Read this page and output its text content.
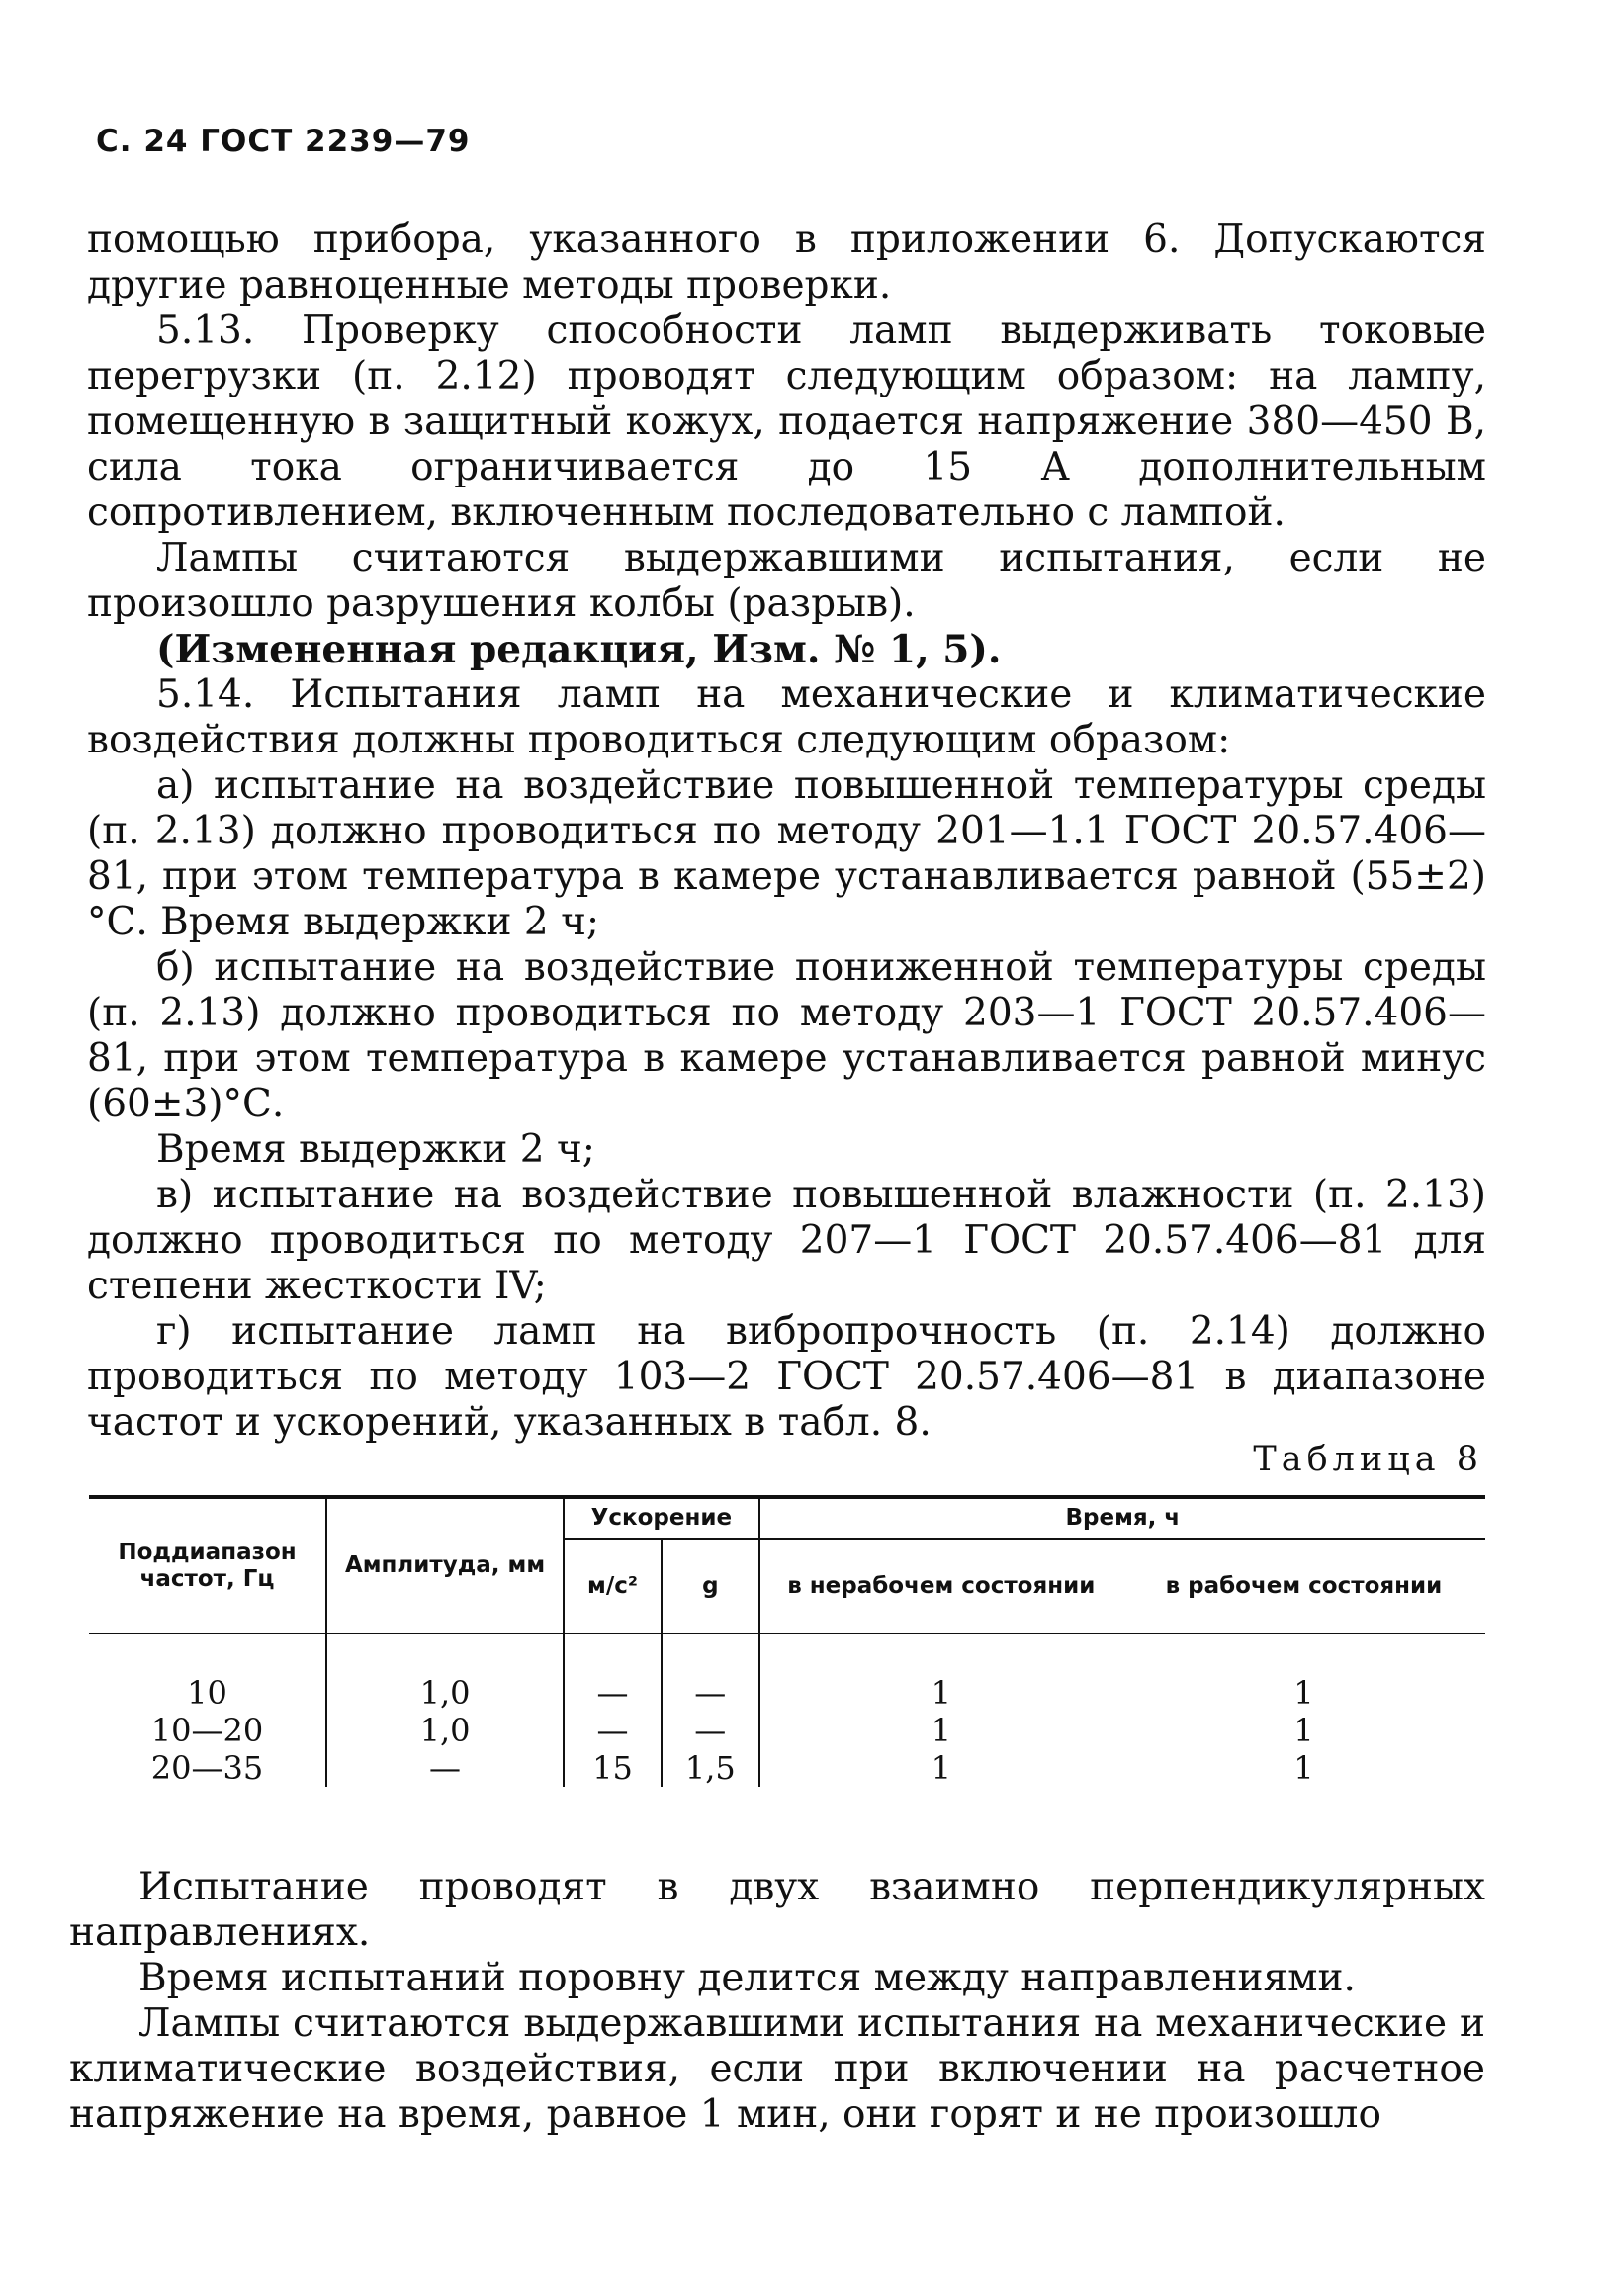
С. 24 ГОСТ 2239—79

помощью прибора, указанного в приложении 6. Допускаются другие равноценные методы проверки.

5.13. Проверку способности ламп выдерживать токовые перегрузки (п. 2.12) проводят следующим образом: на лампу, помещенную в защитный кожух, подается напряжение 380—450 В, сила тока ограничивается до 15 А дополнительным сопротивлением, включенным последовательно с лампой.

Лампы считаются выдержавшими испытания, если не произошло разрушения колбы (разрыв).

(Измененная редакция, Изм. № 1, 5).

5.14. Испытания ламп на механические и климатические воздействия должны проводиться следующим образом:

а) испытание на воздействие повышенной температуры среды (п. 2.13) должно проводиться по методу 201—1.1 ГОСТ 20.57.406—81, при этом температура в камере устанавливается равной (55±2)°С. Время выдержки 2 ч;

б) испытание на воздействие пониженной температуры среды (п. 2.13) должно проводиться по методу 203—1 ГОСТ 20.57.406—81, при этом температура в камере устанавливается равной минус (60±3)°С.

Время выдержки 2 ч;

в) испытание на воздействие повышенной влажности (п. 2.13) должно проводиться по методу 207—1 ГОСТ 20.57.406—81 для степени жесткости IV;

г) испытание ламп на вибропрочность (п. 2.14) должно проводиться по методу 103—2 ГОСТ 20.57.406—81 в диапазоне частот и ускорений, указанных в табл. 8.

Таблица 8
Поддиапазон частот, Гц	Амплитуда, мм	Ускорение		Время, ч	
		м/с²	g	в нерабочем состоянии	в рабочем состоянии
10	1,0	—	—	1	1
10—20	1,0	—	—	1	1
20—35	—	15	1,5	1	1

Испытание проводят в двух взаимно перпендикулярных направлениях.

Время испытаний поровну делится между направлениями.

Лампы считаются выдержавшими испытания на механические и климатические воздействия, если при включении на расчетное напряжение на время, равное 1 мин, они горят и не произошло
